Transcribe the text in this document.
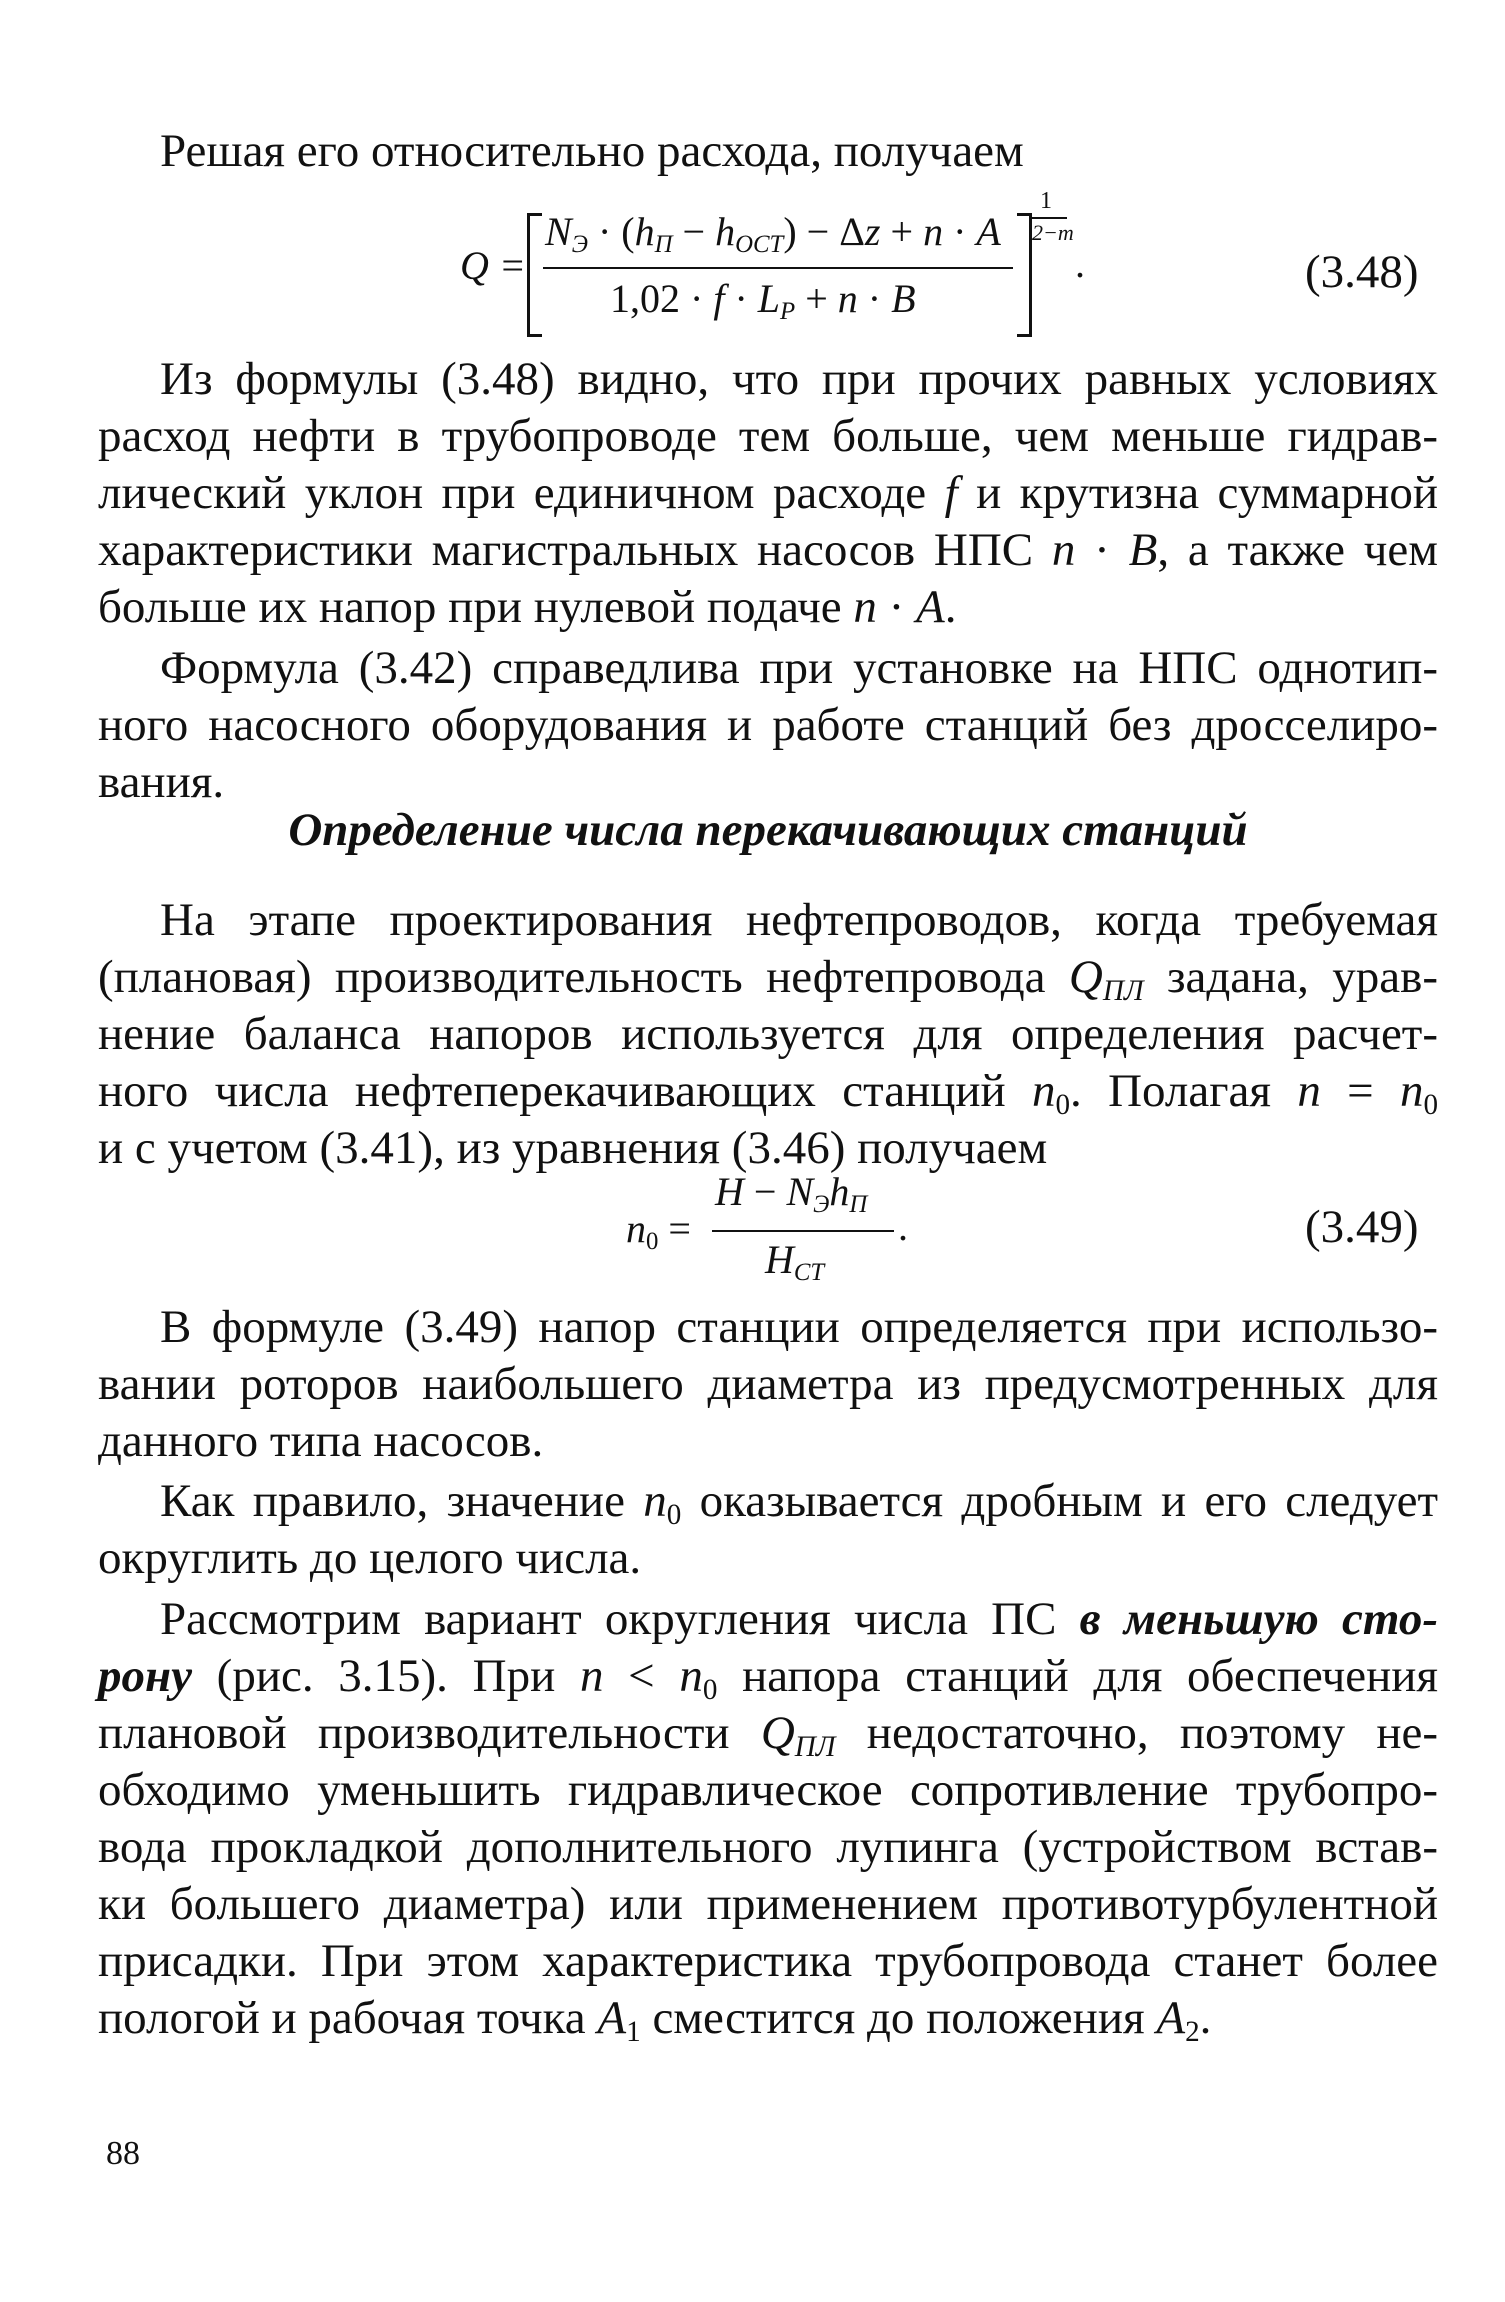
Решая его относительно расхода, получаем
Q =
$N_Э \cdot (h_П - h_{ОСТ}) - \Delta z + n \cdot A$
$1,02 \cdot f \cdot L_Р + n \cdot B$
1
2−m
.	(3.48)
Из формулы (3.48) видно, что при прочих равных условиях
расход нефти в трубопроводе тем больше, чем меньше гидрав-
лический уклон при единичном расходе f и крутизна суммарной
характеристики магистральных насосов НПС n · B, а также чем
больше их напор при нулевой подаче n · A.
Формула (3.42) справедлива при установке на НПС однотип-
ного насосного оборудования и работе станций без дросселиро-
вания.
Определение числа перекачивающих станций
На этапе проектирования нефтепроводов, когда требуемая
(плановая) производительность нефтепровода $Q_{ПЛ}$ задана, урав-
нение баланса напоров используется для определения расчет-
ного числа нефтеперекачивающих станций $n_0$. Полагая $n = n_0$
и с учетом (3.41), из уравнения (3.46) получаем
$n_0$ =
$H - N_Эh_П$
$H_{СТ}$
.	(3.49)
В формуле (3.49) напор станции определяется при использо-
вании роторов наибольшего диаметра из предусмотренных для
данного типа насосов.
Как правило, значение $n_0$ оказывается дробным и его следует
округлить до целого числа.
Рассмотрим вариант округления числа ПС в меньшую сто-
рону (рис. 3.15). При $n < n_0$ напора станций для обеспечения
плановой производительности $Q_{ПЛ}$ недостаточно, поэтому не-
обходимо уменьшить гидравлическое сопротивление трубопро-
вода прокладкой дополнительного лупинга (устройством встав-
ки большего диаметра) или применением противотурбулентной
присадки. При этом характеристика трубопровода станет более
пологой и рабочая точка $A_1$ сместится до положения $A_2$.
88
